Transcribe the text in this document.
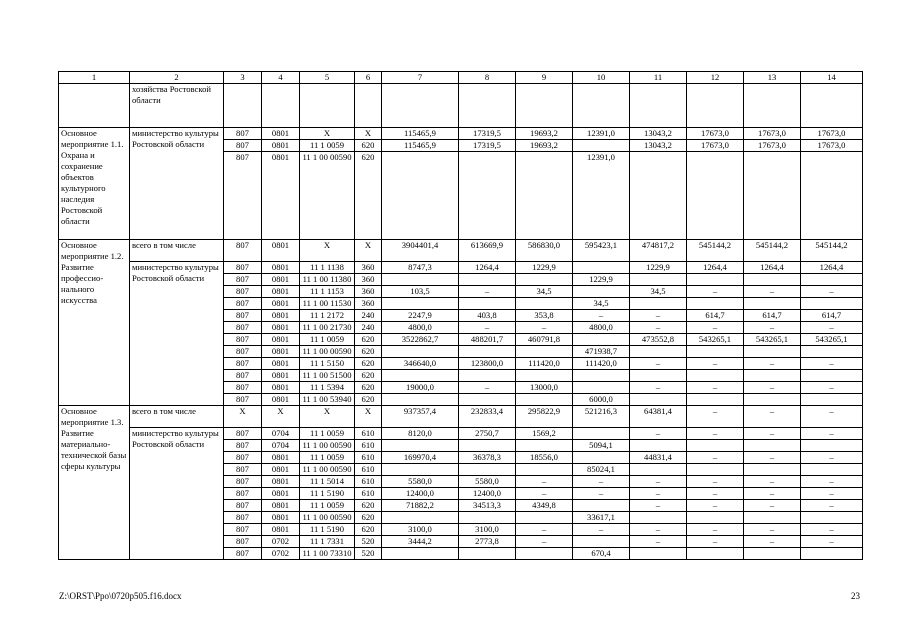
1	2	3	4	5	6	7	8	9	10	11	12	13	14
	хозяйства Ростовской области												
Основное мероприятие 1.1. Охрана и сохранение объектов культурного наследия Ростовской области	министерство культуры Ростовской области	807	0801	Х	Х	115465,9	17319,5	19693,2	12391,0	13043,2	17673,0	17673,0	17673,0
		807	0801	11 1 0059	620	115465,9	17319,5	19693,2		13043,2	17673,0	17673,0	17673,0
		807	0801	11 1 00 00590	620				12391,0				
Основное мероприятие 1.2. Развитие профессио-нального искусства	всего в том числе	807	0801	Х	Х	3904401,4	613669,9	586830,0	595423,1	474817,2	545144,2	545144,2	545144,2
	министерство культуры Ростовской области	807	0801	11 1 1138	360	8747,3	1264,4	1229,9		1229,9	1264,4	1264,4	1264,4
		807	0801	11 1 00 11380	360				1229,9				
		807	0801	11 1 1153	360	103,5	–	34,5		34,5	–	–	–
		807	0801	11 1 00 11530	360				34,5				
		807	0801	11 1 2172	240	2247,9	403,8	353,8	–	–	614,7	614,7	614,7
		807	0801	11 1 00 21730	240	4800,0	–	–	4800,0	–	–	–	–
		807	0801	11 1 0059	620	3522862,7	488201,7	460791,8		473552,8	543265,1	543265,1	543265,1
		807	0801	11 1 00 00590	620				471938,7				
		807	0801	11 1 5150	620	346640,0	123800,0	111420,0	111420,0	–	–	–	–
		807	0801	11 1 00 51500	620								
		807	0801	11 1 5394	620	19000,0	–	13000,0		–	–	–	–
		807	0801	11 1 00 53940	620				6000,0				
Основное мероприятие 1.3. Развитие материально-технической базы сферы культуры	всего в том числе	Х	Х	Х	Х	937357,4	232833,4	295822,9	521216,3	64381,4	–	–	–
	министерство культуры Ростовской области	807	0704	11 1 0059	610	8120,0	2750,7	1569,2		–	–	–	–
		807	0704	11 1 00 00590	610				5094,1				
		807	0801	11 1 0059	610	169970,4	36378,3	18556,0		44831,4	–	–	–
		807	0801	11 1 00 00590	610				85024,1				
		807	0801	11 1 5014	610	5580,0	5580,0	–	–	–	–	–	–
		807	0801	11 1 5190	610	12400,0	12400,0	–	–	–	–	–	–
		807	0801	11 1 0059	620	71882,2	34513,3	4349,8		–	–	–	–
		807	0801	11 1 00 00590	620				33617,1				
		807	0801	11 1 5190	620	3100,0	3100,0	–	–	–	–	–	–
		807	0702	11 1 7331	520	3444,2	2773,8	–		–	–	–	–
		807	0702	11 1 00 73310	520				670,4				
Z:\ORST\Ppo\0720p505.f16.docx	23
